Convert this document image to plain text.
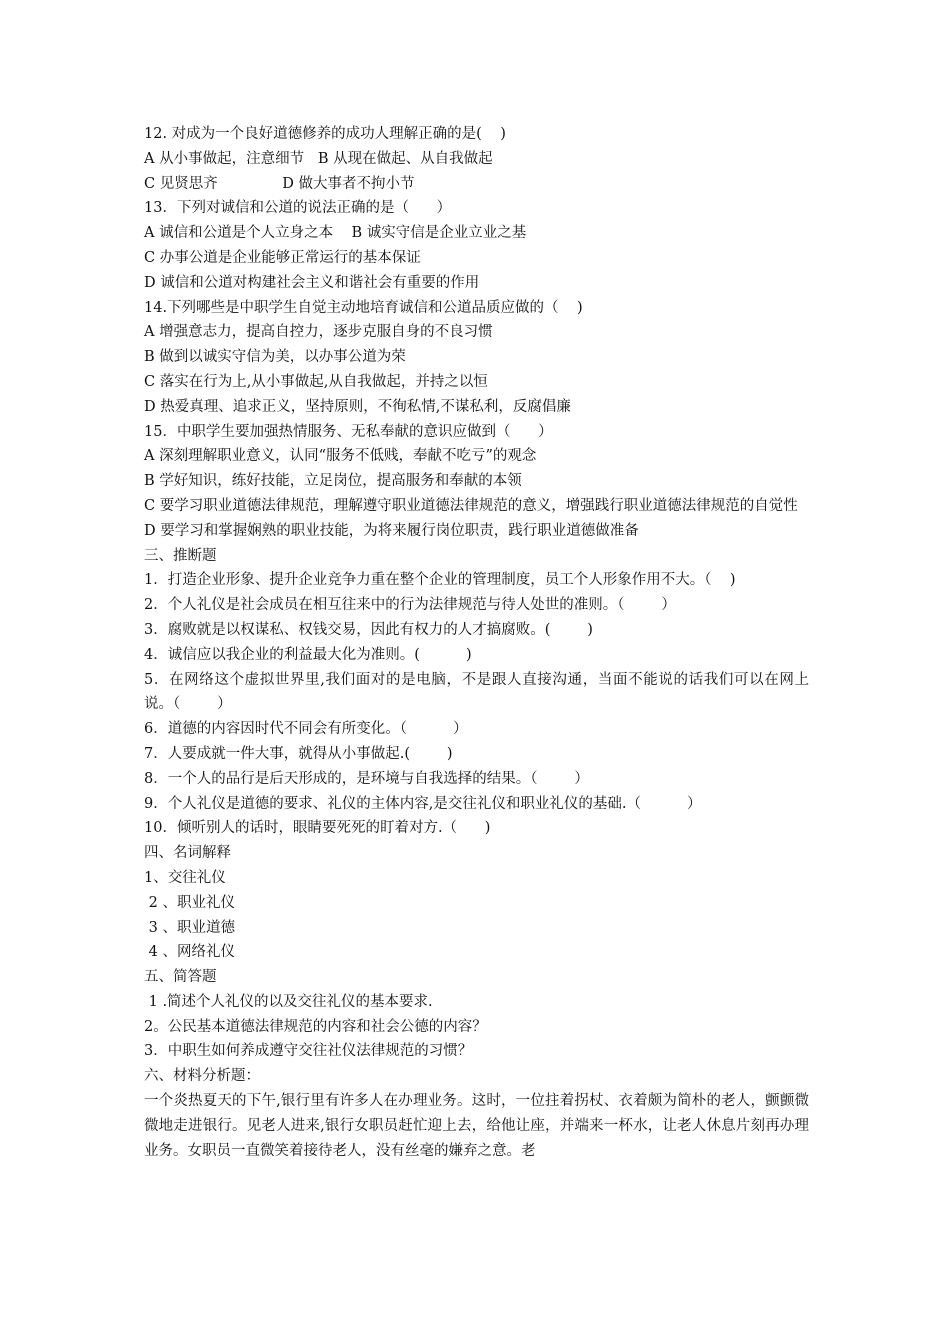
12. 对成为一个良好道德修养的成功人理解正确的是(    )

A 从小事做起，注意细节   B 从现在做起、从自我做起

C 见贤思齐              D 做大事者不拘小节

13．下列对诚信和公道的说法正确的是（      ）

A 诚信和公道是个人立身之本    B 诚实守信是企业立业之基

C 办事公道是企业能够正常运行的基本保证

D 诚信和公道对构建社会主义和谐社会有重要的作用

14.下列哪些是中职学生自觉主动地培育诚信和公道品质应做的（    )

A 增强意志力，提高自控力，逐步克服自身的不良习惯

B 做到以诚实守信为美，以办事公道为荣

C 落实在行为上,从小事做起,从自我做起，并持之以恒

D 热爱真理、追求正义，坚持原则，不徇私情,不谋私利，反腐倡廉

15．中职学生要加强热情服务、无私奉献的意识应做到（      ）

A 深刻理解职业意义，认同“服务不低贱，奉献不吃亏”的观念

B 学好知识，练好技能，立足岗位，提高服务和奉献的本领

C 要学习职业道德法律规范，理解遵守职业道德法律规范的意义，增强践行职业道德法律规范的自觉性

D 要学习和掌握娴熟的职业技能，为将来履行岗位职责，践行职业道德做准备

三、推断题

1．打造企业形象、提升企业竞争力重在整个企业的管理制度，员工个人形象作用不大。（    )

2．个人礼仪是社会成员在相互往来中的行为法律规范与待人处世的准则。（        ）

3．腐败就是以权谋私、权钱交易，因此有权力的人才搞腐败。(        )

4．诚信应以我企业的利益最大化为准则。(          )

5．在网络这个虚拟世界里,我们面对的是电脑，不是跟人直接沟通，当面不能说的话我们可以在网上说。（        ）

6．道德的内容因时代不同会有所变化。（          ）

7．人要成就一件大事，就得从小事做起.(        )

8．一个人的品行是后天形成的，是环境与自我选择的结果。（        ）

9．个人礼仪是道德的要求、礼仪的主体内容,是交往礼仪和职业礼仪的基础.（          ）

10．倾听别人的话时，眼睛要死死的盯着对方.（      )

四、名词解释

1、交往礼仪

2 、职业礼仪

3 、职业道德

4 、网络礼仪

五、简答题

1 .简述个人礼仪的以及交往礼仪的基本要求.

2。公民基本道德法律规范的内容和社会公德的内容？

3．中职生如何养成遵守交往社仪法律规范的习惯？

六、材料分析题：

一个炎热夏天的下午,银行里有许多人在办理业务。这时，一位拄着拐杖、衣着颇为简朴的老人，颤颤微微地走进银行。见老人进来,银行女职员赶忙迎上去，给他让座，并端来一杯水，让老人休息片刻再办理业务。女职员一直微笑着接待老人，没有丝毫的嫌弃之意。老
